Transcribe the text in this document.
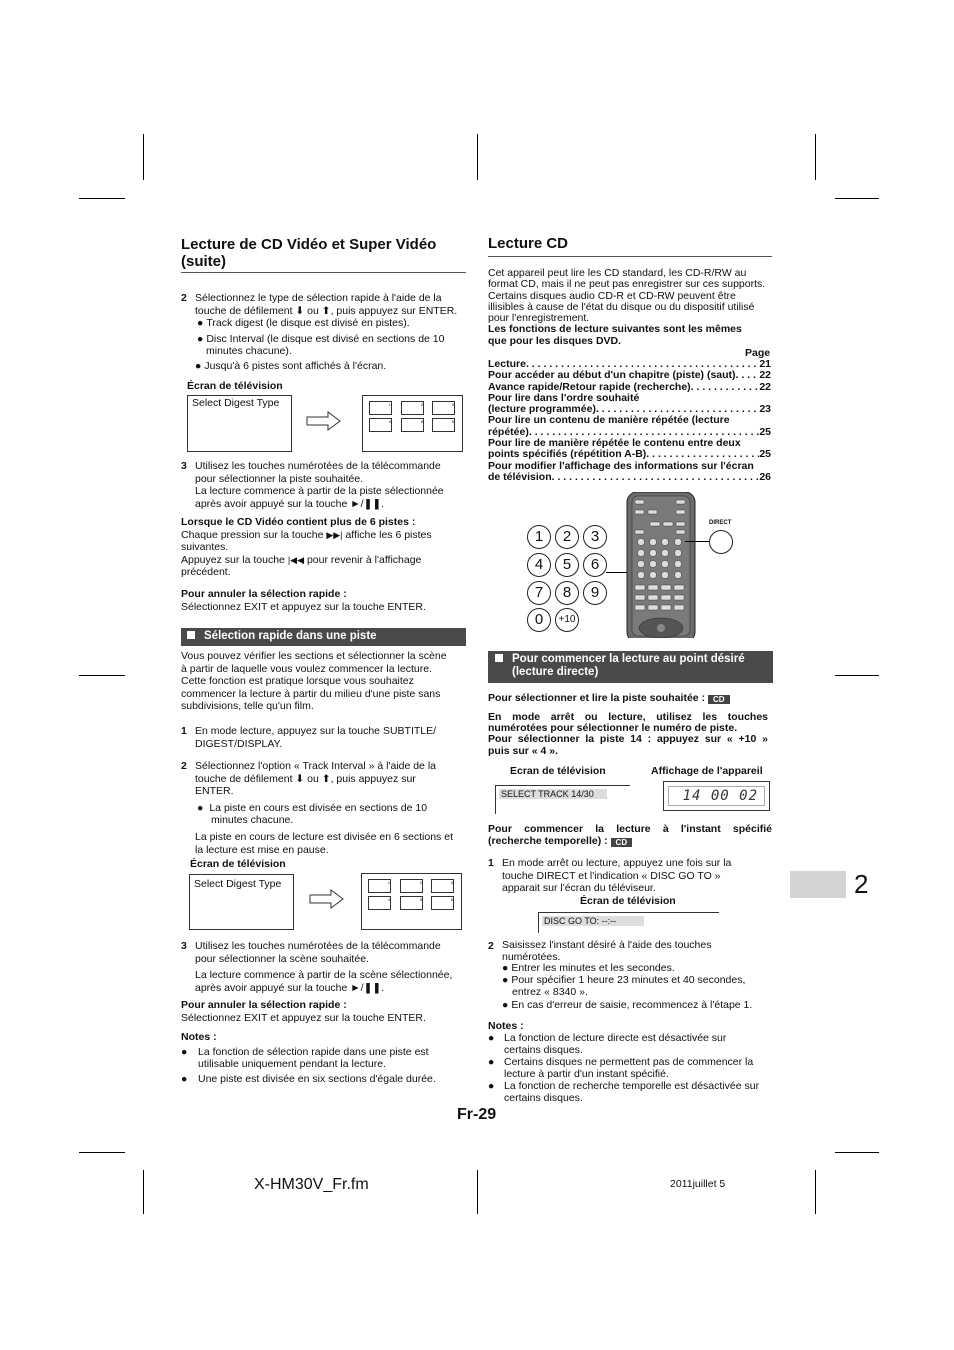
Lecture de CD Vidéo et Super Vidéo (suite)
2 Sélectionnez le type de sélection rapide à l'aide de la
touche de défilement ⬇ ou ⬆, puis appuyez sur ENTER.
● Track digest (le disque est divisé en pistes).
● Disc Interval (le disque est divisé en sections de 10
minutes chacune).
● Jusqu'à 6 pistes sont affichés à l'écran.
Écran de télévision
Select Digest Type	1	2	3
4	5	6
3 Utilisez les touches numérotées de la télécommande
pour sélectionner la piste souhaitée.
La lecture commence à partir de la piste sélectionnée
après avoir appuyé sur la touche ►/❚❚.
Lorsque le CD Vidéo contient plus de 6 pistes :
Chaque pression sur la touche ▶▶| affiche les 6 pistes
suivantes.
Appuyez sur la touche |◀◀ pour revenir à l'affichage
précédent.
Pour annuler la sélection rapide :
Sélectionnez EXIT et appuyez sur la touche ENTER.
Sélection rapide dans une piste
Vous pouvez vérifier les sections et sélectionner la scène
à partir de laquelle vous voulez commencer la lecture.
Cette fonction est pratique lorsque vous souhaitez
commencer la lecture à partir du milieu d'une piste sans
subdivisions, telle qu'un film.
1 En mode lecture, appuyez sur la touche SUBTITLE/
DIGEST/DISPLAY.
2 Sélectionnez l'option « Track Interval » à l'aide de la
touche de défilement ⬇ ou ⬆, puis appuyez sur
ENTER.
● La piste en cours est divisée en sections de 10
minutes chacune.
La piste en cours de lecture est divisée en 6 sections et
la lecture est mise en pause.
Écran de télévision
Select Digest Type	1	2	3
4	5	6
3 Utilisez les touches numérotées de la télécommande
pour sélectionner la scène souhaitée.
La lecture commence à partir de la scène sélectionnée,
après avoir appuyé sur la touche ►/❚❚.
Pour annuler la sélection rapide :
Sélectionnez EXIT et appuyez sur la touche ENTER.
Notes :
● La fonction de sélection rapide dans une piste est
utilisable uniquement pendant la lecture.
● Une piste est divisée en six sections d'égale durée.
Lecture CD
Cet appareil peut lire les CD standard, les CD-R/RW au
format CD, mais il ne peut pas enregistrer sur ces supports.
Certains disques audio CD-R et CD-RW peuvent être
illisibles à cause de l'état du disque ou du dispositif utilisé
pour l'enregistrement.
Les fonctions de lecture suivantes sont les mêmes
que pour les disques DVD.
Page
Lecture . . .	21
Pour accéder au début d'un chapitre (piste) (saut) . . . 22
Avance rapide/Retour rapide (recherche) . . .	22
Pour lire dans l'ordre souhaité
(lecture programmée) . . .	23
Pour lire un contenu de manière répétée (lecture
répétée) . . .	25
Pour lire de manière répétée le contenu entre deux
points spécifiés (répétition A-B) . . .	25
Pour modifier l'affichage des informations sur l'écran
de télévision . . .	26
1	2	3
4	5	6
7	8	9
0	+10
DIRECT
Pour commencer la lecture au point désiré
(lecture directe)
Pour sélectionner et lire la piste souhaitée : CD
En mode arrêt ou lecture, utilisez les touches
numérotées pour sélectionner le numéro de piste.
Pour sélectionner la piste 14 : appuyez sur « +10 »
puis sur « 4 ».
Ecran de télévision	Affichage de l'appareil
SELECT TRACK 14/30	14 00 02
Pour commencer la lecture à l'instant spécifié
(recherche temporelle) : CD
1 En mode arrêt ou lecture, appuyez une fois sur la
touche DIRECT et l'indication « DISC GO TO »
apparait sur l'écran du téléviseur.
Écran de télévision
DISC GO TO: --:--
2 Saisissez l'instant désiré à l'aide des touches
numérotées.
● Entrer les minutes et les secondes.
● Pour spécifier 1 heure 23 minutes et 40 secondes,
entrez « 8340 ».
● En cas d'erreur de saisie, recommencez à l'étape 1.
Notes :
● La fonction de lecture directe est désactivée sur
certains disques.
● Certains disques ne permettent pas de commencer la
lecture à partir d'un instant spécifié.
● La fonction de recherche temporelle est désactivée sur
certains disques.
2
Fr-29
X-HM30V_Fr.fm	2011juillet 5
